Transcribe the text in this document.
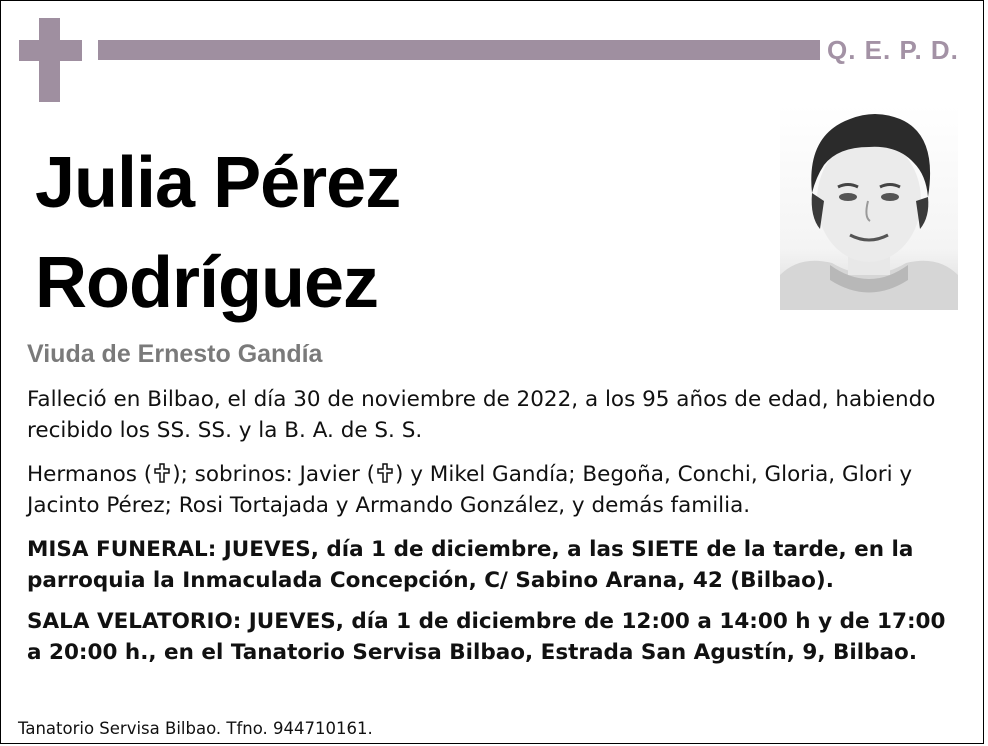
Q. E. P. D.
Julia Pérez
Rodríguez
Viuda de Ernesto Gandía
Falleció en Bilbao, el día 30 de noviembre de 2022, a los 95 años de edad, habiendo recibido los SS. SS. y la B. A. de S. S.
Hermanos ( ); sobrinos: Javier ( ) y Mikel Gandía; Begoña, Conchi, Gloria, Glori y Jacinto Pérez; Rosi Tortajada y Armando González, y demás familia.
MISA FUNERAL: JUEVES, día 1 de diciembre, a las SIETE de la tarde, en la parroquia la Inmaculada Concepción, C/ Sabino Arana, 42 (Bilbao).
SALA VELATORIO: JUEVES, día 1 de diciembre de 12:00 a 14:00 h y de 17:00 a 20:00 h., en el Tanatorio Servisa Bilbao, Estrada San Agustín, 9, Bilbao.
Tanatorio Servisa Bilbao. Tfno. 944710161.
